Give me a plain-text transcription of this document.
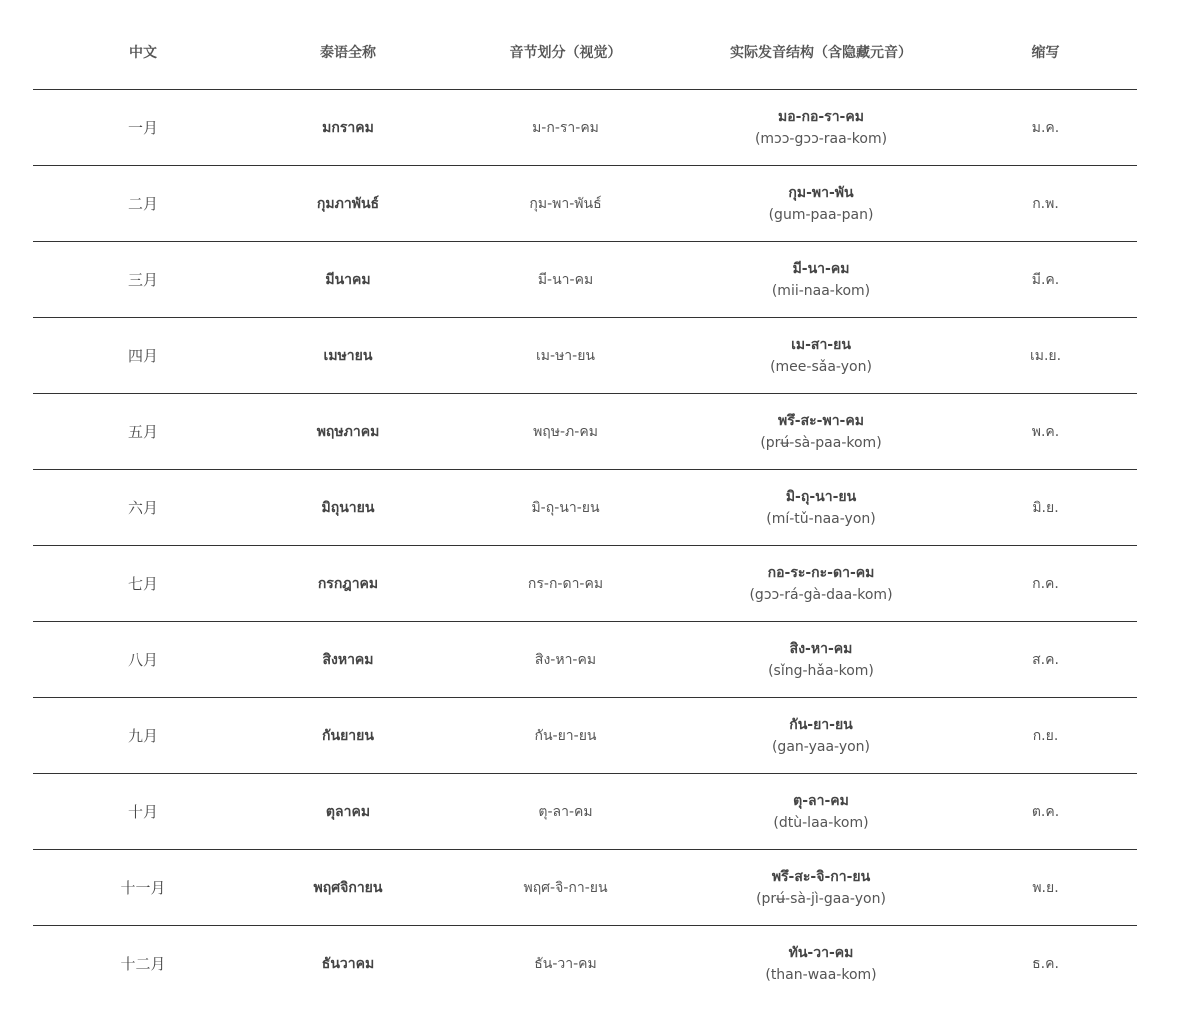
中文	泰语全称	音节划分（视觉）	实际发音结构（含隐藏元音）	缩写
一月	มกราคม	ม-ก-รา-คม	มอ-กอ-รา-คม
(mɔɔ-gɔɔ-raa-kom)	ม.ค.
二月	กุมภาพันธ์	กุม-พา-พันธ์	กุม-พา-พัน
(gum-paa-pan)	ก.พ.
三月	มีนาคม	มี-นา-คม	มี-นา-คม
(mii-naa-kom)	มี.ค.
四月	เมษายน	เม-ษา-ยน	เม-สา-ยน
(mee-sǎa-yon)	เม.ย.
五月	พฤษภาคม	พฤษ-ภ-คม	พรึ-สะ-พา-คม
(prʉ́-sà-paa-kom)	พ.ค.
六月	มิถุนายน	มิ-ถุ-นา-ยน	มิ-ถุ-นา-ยน
(mí-tǔ-naa-yon)	มิ.ย.
七月	กรกฎาคม	กร-ก-ดา-คม	กอ-ระ-กะ-ดา-คม
(gɔɔ-rá-gà-daa-kom)	ก.ค.
八月	สิงหาคม	สิง-หา-คม	สิง-หา-คม
(sǐng-hǎa-kom)	ส.ค.
九月	กันยายน	กัน-ยา-ยน	กัน-ยา-ยน
(gan-yaa-yon)	ก.ย.
十月	ตุลาคม	ตุ-ลา-คม	ตุ-ลา-คม
(dtù-laa-kom)	ต.ค.
十一月	พฤศจิกายน	พฤศ-จิ-กา-ยน	พรึ-สะ-จิ-กา-ยน
(prʉ́-sà-jì-gaa-yon)	พ.ย.
十二月	ธันวาคม	ธัน-วา-คม	ทัน-วา-คม
(than-waa-kom)	ธ.ค.
